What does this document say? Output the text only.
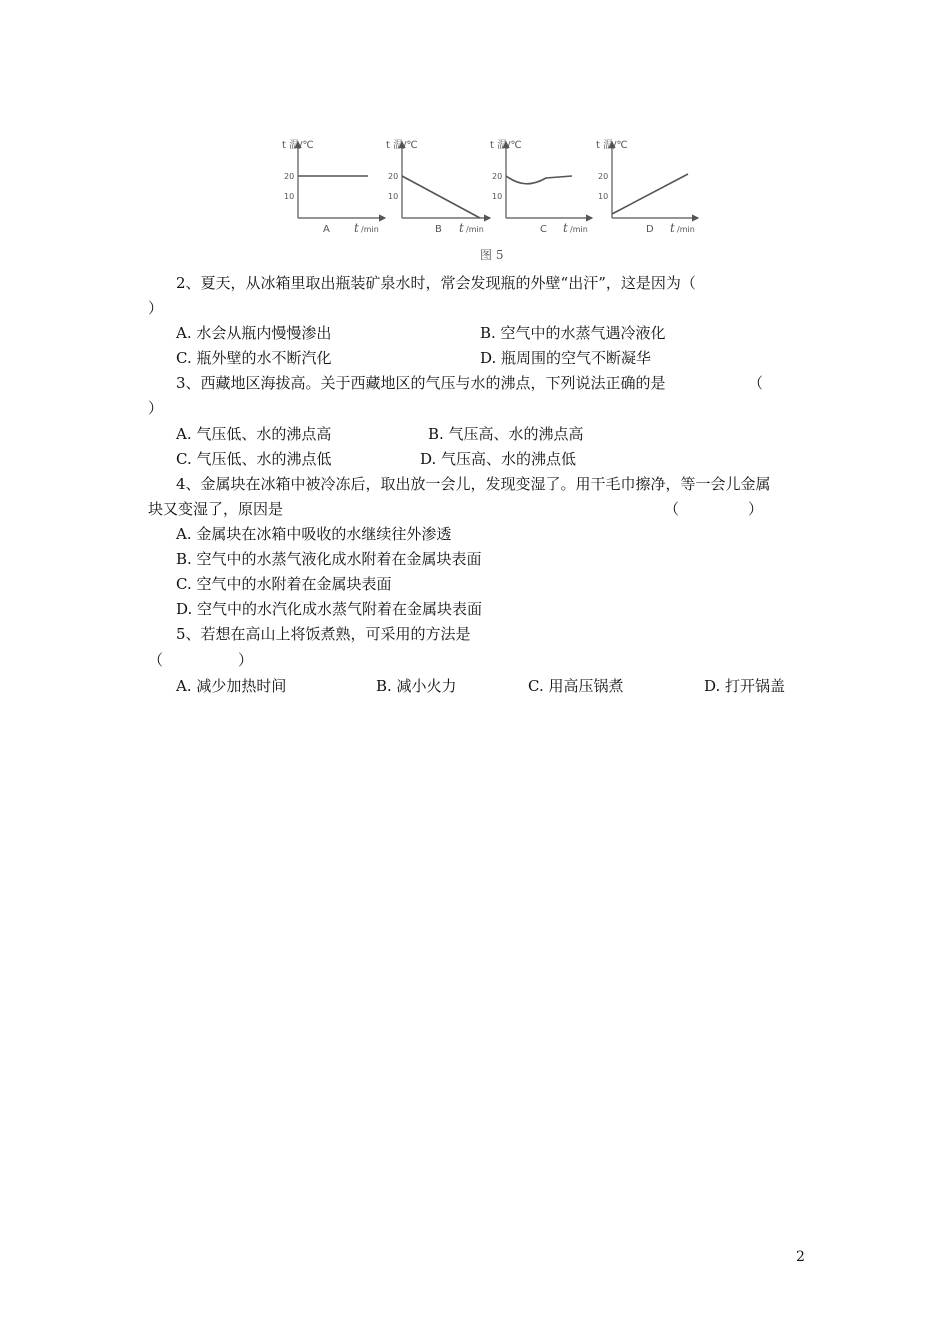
t 温/℃
20
10
A t /min
t 温/℃
20
10
B t /min
t 温/℃
20
10
C t /min
t 温/℃
20
10
D t /min
图 5
2、夏天，从冰箱里取出瓶装矿泉水时，常会发现瓶的外壁“出汗”，这是因为（
）
A. 水会从瓶内慢慢渗出	B. 空气中的水蒸气遇冷液化
C. 瓶外壁的水不断汽化	D. 瓶周围的空气不断凝华
3、西藏地区海拔高。关于西藏地区的气压与水的沸点，下列说法正确的是	（
）
A. 气压低、水的沸点高	B. 气压高、水的沸点高
C. 气压低、水的沸点低	D. 气压高、水的沸点低
4、金属块在冰箱中被冷冻后，取出放一会儿，发现变湿了。用干毛巾擦净，等一会儿金属
块又变湿了，原因是	（	）
A. 金属块在冰箱中吸收的水继续往外渗透
B. 空气中的水蒸气液化成水附着在金属块表面
C. 空气中的水附着在金属块表面
D. 空气中的水汽化成水蒸气附着在金属块表面
5、若想在高山上将饭煮熟，可采用的方法是
（	）
A. 减少加热时间	B. 减小火力	C. 用高压锅煮	D. 打开锅盖
2
